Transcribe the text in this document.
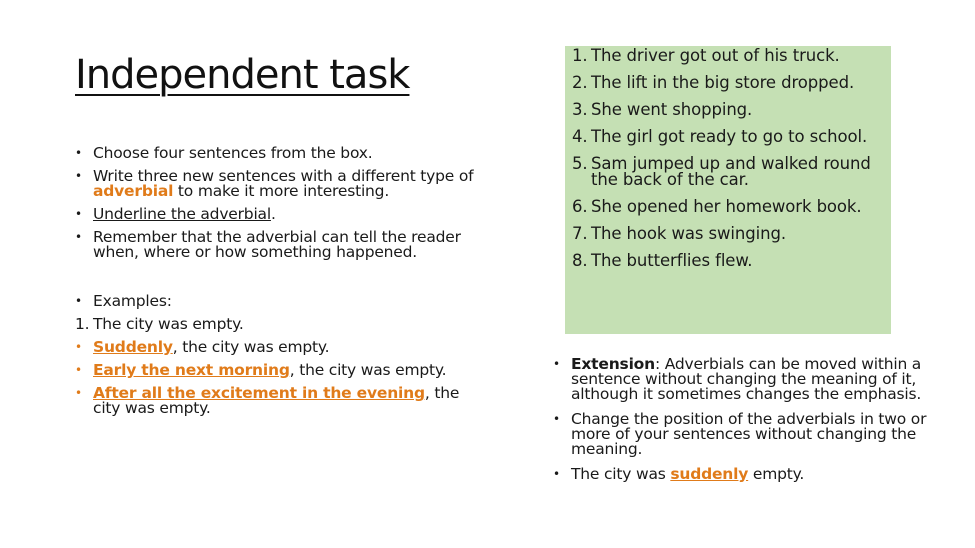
Independent task
• Choose four sentences from the box.
• Write three new sentences with a different type of adverbial to make it more interesting.
• Underline the adverbial.
• Remember that the adverbial can tell the reader when, where or how something happened.
• Examples:
1. The city was empty.
• Suddenly, the city was empty.
• Early the next morning, the city was empty.
• After all the excitement in the evening, the city was empty.
1. The driver got out of his truck.
2. The lift in the big store dropped.
3. She went shopping.
4. The girl got ready to go to school.
5. Sam jumped up and walked round the back of the car.
6. She opened her homework book.
7. The hook was swinging.
8. The butterflies flew.
• Extension: Adverbials can be moved within a sentence without changing the meaning of it, although it sometimes changes the emphasis.
• Change the position of the adverbials in two or more of your sentences without changing the meaning.
• The city was suddenly empty.
